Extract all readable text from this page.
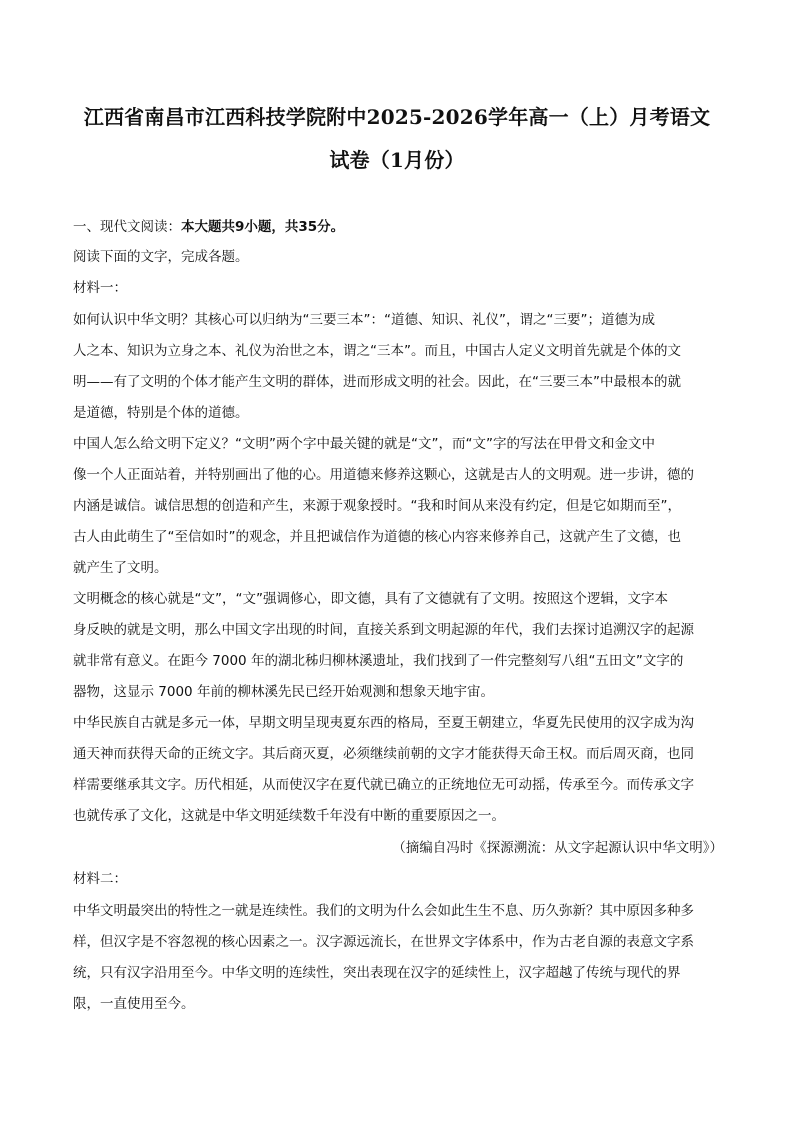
江西省南昌市江西科技学院附中2025-2026学年高一（上）月考语文
试卷（1月份）
一、现代文阅读：本大题共9小题，共35分。
阅读下面的文字，完成各题。
材料一：
如何认识中华文明？其核心可以归纳为“三要三本”：“道德、知识、礼仪”，谓之“三要”；道德为成
人之本、知识为立身之本、礼仪为治世之本，谓之“三本”。而且，中国古人定义文明首先就是个体的文
明——有了文明的个体才能产生文明的群体，进而形成文明的社会。因此，在“三要三本”中最根本的就
是道德，特别是个体的道德。
中国人怎么给文明下定义？“文明”两个字中最关键的就是“文”，而“文”字的写法在甲骨文和金文中
像一个人正面站着，并特别画出了他的心。用道德来修养这颗心，这就是古人的文明观。进一步讲，德的
内涵是诚信。诚信思想的创造和产生，来源于观象授时。“我和时间从来没有约定，但是它如期而至”，
古人由此萌生了“至信如时”的观念，并且把诚信作为道德的核心内容来修养自己，这就产生了文德，也
就产生了文明。
文明概念的核心就是“文”，“文”强调修心，即文德，具有了文德就有了文明。按照这个逻辑，文字本
身反映的就是文明，那么中国文字出现的时间，直接关系到文明起源的年代，我们去探讨追溯汉字的起源
就非常有意义。在距今 7000 年的湖北秭归柳林溪遗址，我们找到了一件完整刻写八组“五田文”文字的
器物，这显示 7000 年前的柳林溪先民已经开始观测和想象天地宇宙。
中华民族自古就是多元一体，早期文明呈现夷夏东西的格局，至夏王朝建立，华夏先民使用的汉字成为沟
通天神而获得天命的正统文字。其后商灭夏，必须继续前朝的文字才能获得天命王权。而后周灭商，也同
样需要继承其文字。历代相延，从而使汉字在夏代就已确立的正统地位无可动摇，传承至今。而传承文字
也就传承了文化，这就是中华文明延续数千年没有中断的重要原因之一。
（摘编自冯时《探源溯流：从文字起源认识中华文明》）
材料二：
中华文明最突出的特性之一就是连续性。我们的文明为什么会如此生生不息、历久弥新？其中原因多种多
样，但汉字是不容忽视的核心因素之一。汉字源远流长，在世界文字体系中，作为古老自源的表意文字系
统，只有汉字沿用至今。中华文明的连续性，突出表现在汉字的延续性上，汉字超越了传统与现代的界
限，一直使用至今。
